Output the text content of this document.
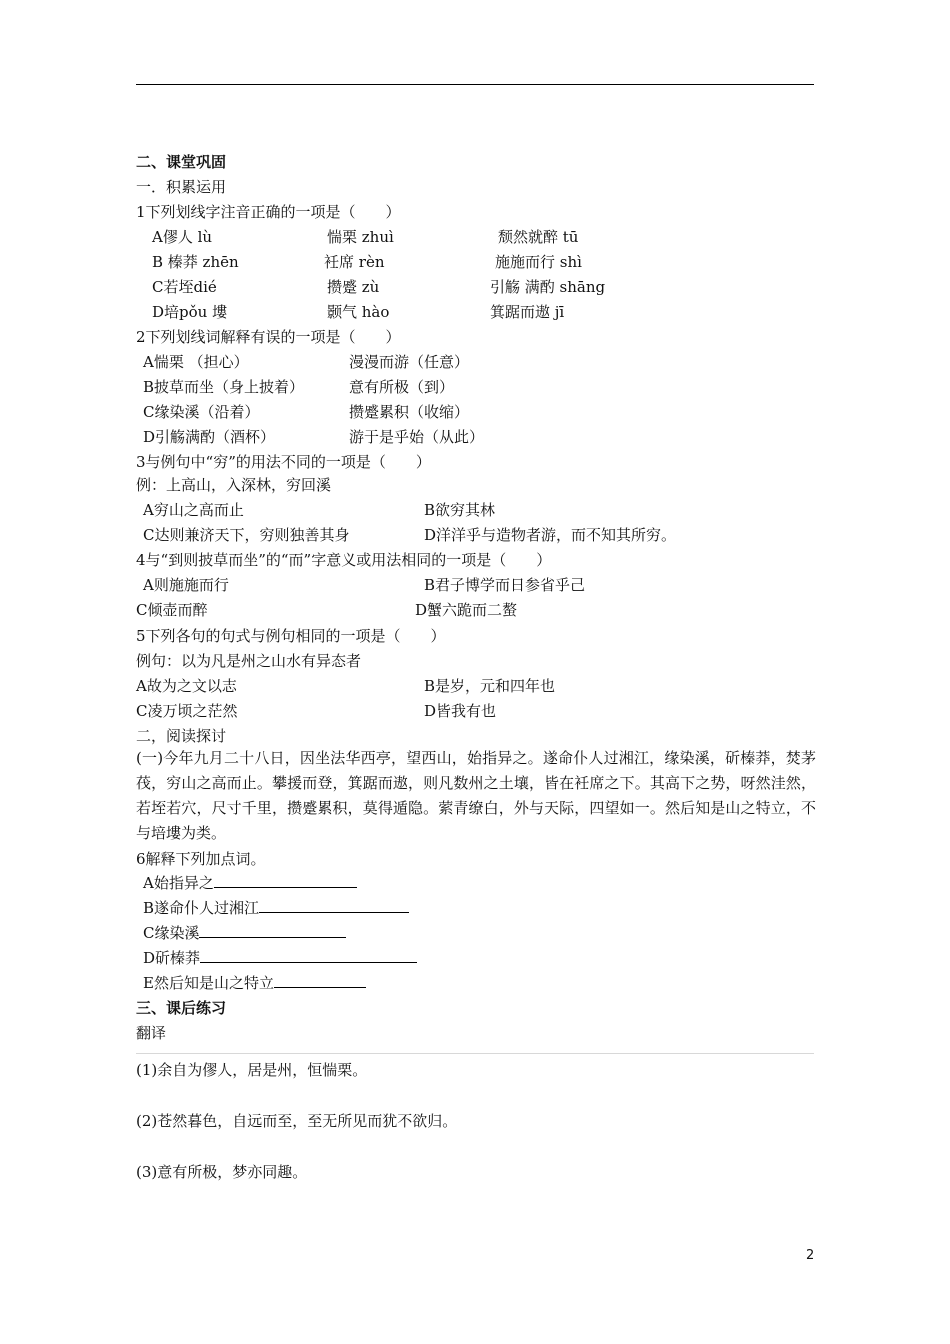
二、课堂巩固
一．积累运用
1下列划线字注音正确的一项是（　　）
A僇人 lù	惴栗 zhuì	颓然就醉 tū
B 榛莽 zhēn	衽席 rèn	施施而行 shì
C若垤dié	攒蹙 zù	引觞 满酌 shāng
D培pǒu 塿	颢气 hào	箕踞而遨 jī
2下列划线词解释有误的一项是（　　）
A惴栗 （担心）	漫漫而游（任意）
B披草而坐（身上披着）	意有所极（到）
C缘染溪（沿着）	攒蹙累积（收缩）
D引觞满酌（酒杯）	游于是乎始（从此）
3与例句中“穷”的用法不同的一项是（　　）
例：上高山，入深林，穷回溪
A穷山之高而止	B欲穷其林
C达则兼济天下，穷则独善其身	D洋洋乎与造物者游，而不知其所穷。
4与“到则披草而坐”的“而”字意义或用法相同的一项是（　　）
A则施施而行	B君子博学而日参省乎己
C倾壶而醉	D蟹六跪而二螯
5下列各句的句式与例句相同的一项是（　　）
例句：以为凡是州之山水有异态者
A故为之文以志	B是岁，元和四年也
C凌万顷之茫然	D皆我有也
二，阅读探讨
(一)今年九月二十八日，因坐法华西亭，望西山，始指异之。遂命仆人过湘江，缘染溪，斫榛莽，焚茅茷，穷山之高而止。攀援而登，箕踞而遨，则凡数州之土壤，皆在衽席之下。其高下之势，呀然洼然，若垤若穴，尺寸千里，攒蹙累积，莫得遁隐。萦青缭白，外与天际，四望如一。然后知是山之特立，不与培塿为类。
6解释下列加点词。
A始指异之
B遂命仆人过湘江
C缘染溪
D斫榛莽
E然后知是山之特立
三、课后练习
翻译
(1)余自为僇人，居是州，恒惴栗。
(2)苍然暮色，自远而至，至无所见而犹不欲归。
(3)意有所极，梦亦同趣。
2
